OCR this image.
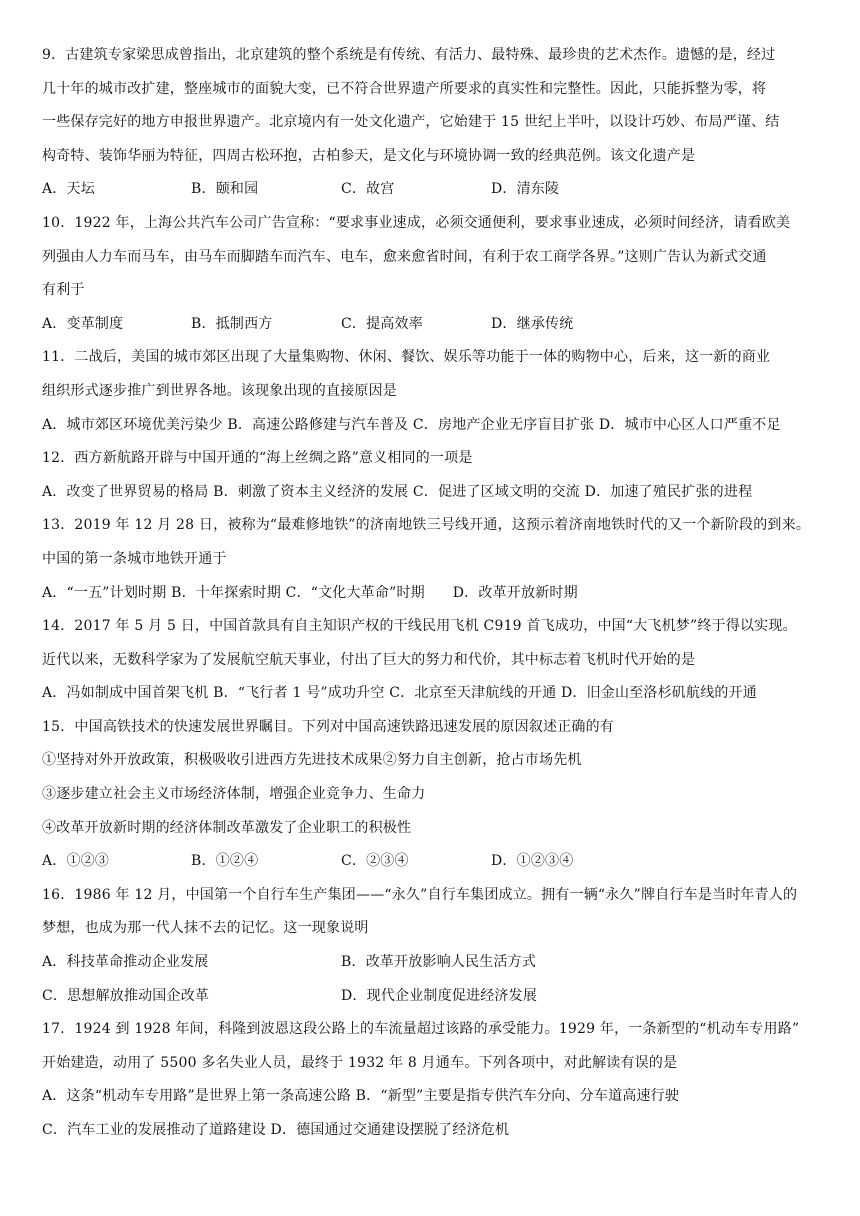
9．古建筑专家梁思成曾指出，北京建筑的整个系统是有传统、有活力、最特殊、最珍贵的艺术杰作。遗憾的是，经过
几十年的城市改扩建，整座城市的面貌大变，已不符合世界遗产所要求的真实性和完整性。因此，只能拆整为零，将
一些保存完好的地方申报世界遗产。北京境内有一处文化遗产，它始建于 15 世纪上半叶，以设计巧妙、布局严谨、结
构奇特、装饰华丽为特征，四周古松环抱，古柏参天，是文化与环境协调一致的经典范例。该文化遗产是
A．天坛	B．颐和园	C．故宫	D．清东陵
10．1922 年，上海公共汽车公司广告宣称：“要求事业速成，必须交通便利，要求事业速成，必须时间经济，请看欧美
列强由人力车而马车，由马车而脚踏车而汽车、电车，愈来愈省时间，有利于农工商学各界。”这则广告认为新式交通
有利于
A．变革制度	B．抵制西方	C．提高效率	D．继承传统
11．二战后，美国的城市郊区出现了大量集购物、休闲、餐饮、娱乐等功能于一体的购物中心，后来，这一新的商业
组织形式逐步推广到世界各地。该现象出现的直接原因是
A．城市郊区环境优美污染少 B．高速公路修建与汽车普及 C．房地产企业无序盲目扩张 D．城市中心区人口严重不足
12．西方新航路开辟与中国开通的“海上丝绸之路”意义相同的一项是
A．改变了世界贸易的格局 B．刺激了资本主义经济的发展 C．促进了区域文明的交流 D．加速了殖民扩张的进程
13．2019 年 12 月 28 日，被称为“最难修地铁”的济南地铁三号线开通，这预示着济南地铁时代的又一个新阶段的到来。
中国的第一条城市地铁开通于
A．“一五”计划时期 B．十年探索时期 C．“文化大革命”时期      D．改革开放新时期
14．2017 年 5 月 5 日，中国首款具有自主知识产权的干线民用飞机 C919 首飞成功，中国“大飞机梦”终于得以实现。
近代以来，无数科学家为了发展航空航天事业，付出了巨大的努力和代价，其中标志着飞机时代开始的是
A．冯如制成中国首架飞机 B．“飞行者 1 号”成功升空 C．北京至天津航线的开通 D．旧金山至洛杉矶航线的开通
15．中国高铁技术的快速发展世界瞩目。下列对中国高速铁路迅速发展的原因叙述正确的有
①坚持对外开放政策，积极吸收引进西方先进技术成果②努力自主创新，抢占市场先机
③逐步建立社会主义市场经济体制，增强企业竞争力、生命力
④改革开放新时期的经济体制改革激发了企业职工的积极性
A．①②③	B．①②④	C．②③④	D．①②③④
16．1986 年 12 月，中国第一个自行车生产集团——“永久”自行车集团成立。拥有一辆“永久”牌自行车是当时年青人的
梦想，也成为那一代人抹不去的记忆。这一现象说明
A．科技革命推动企业发展	B．改革开放影响人民生活方式
C．思想解放推动国企改革	D．现代企业制度促进经济发展
17．1924 到 1928 年间，科隆到波恩这段公路上的车流量超过该路的承受能力。1929 年，一条新型的“机动车专用路”
开始建造，动用了 5500 多名失业人员，最终于 1932 年 8 月通车。下列各项中，对此解读有误的是
A．这条“机动车专用路”是世界上第一条高速公路 B．“新型”主要是指专供汽车分向、分车道高速行驶
C．汽车工业的发展推动了道路建设 D．德国通过交通建设摆脱了经济危机
